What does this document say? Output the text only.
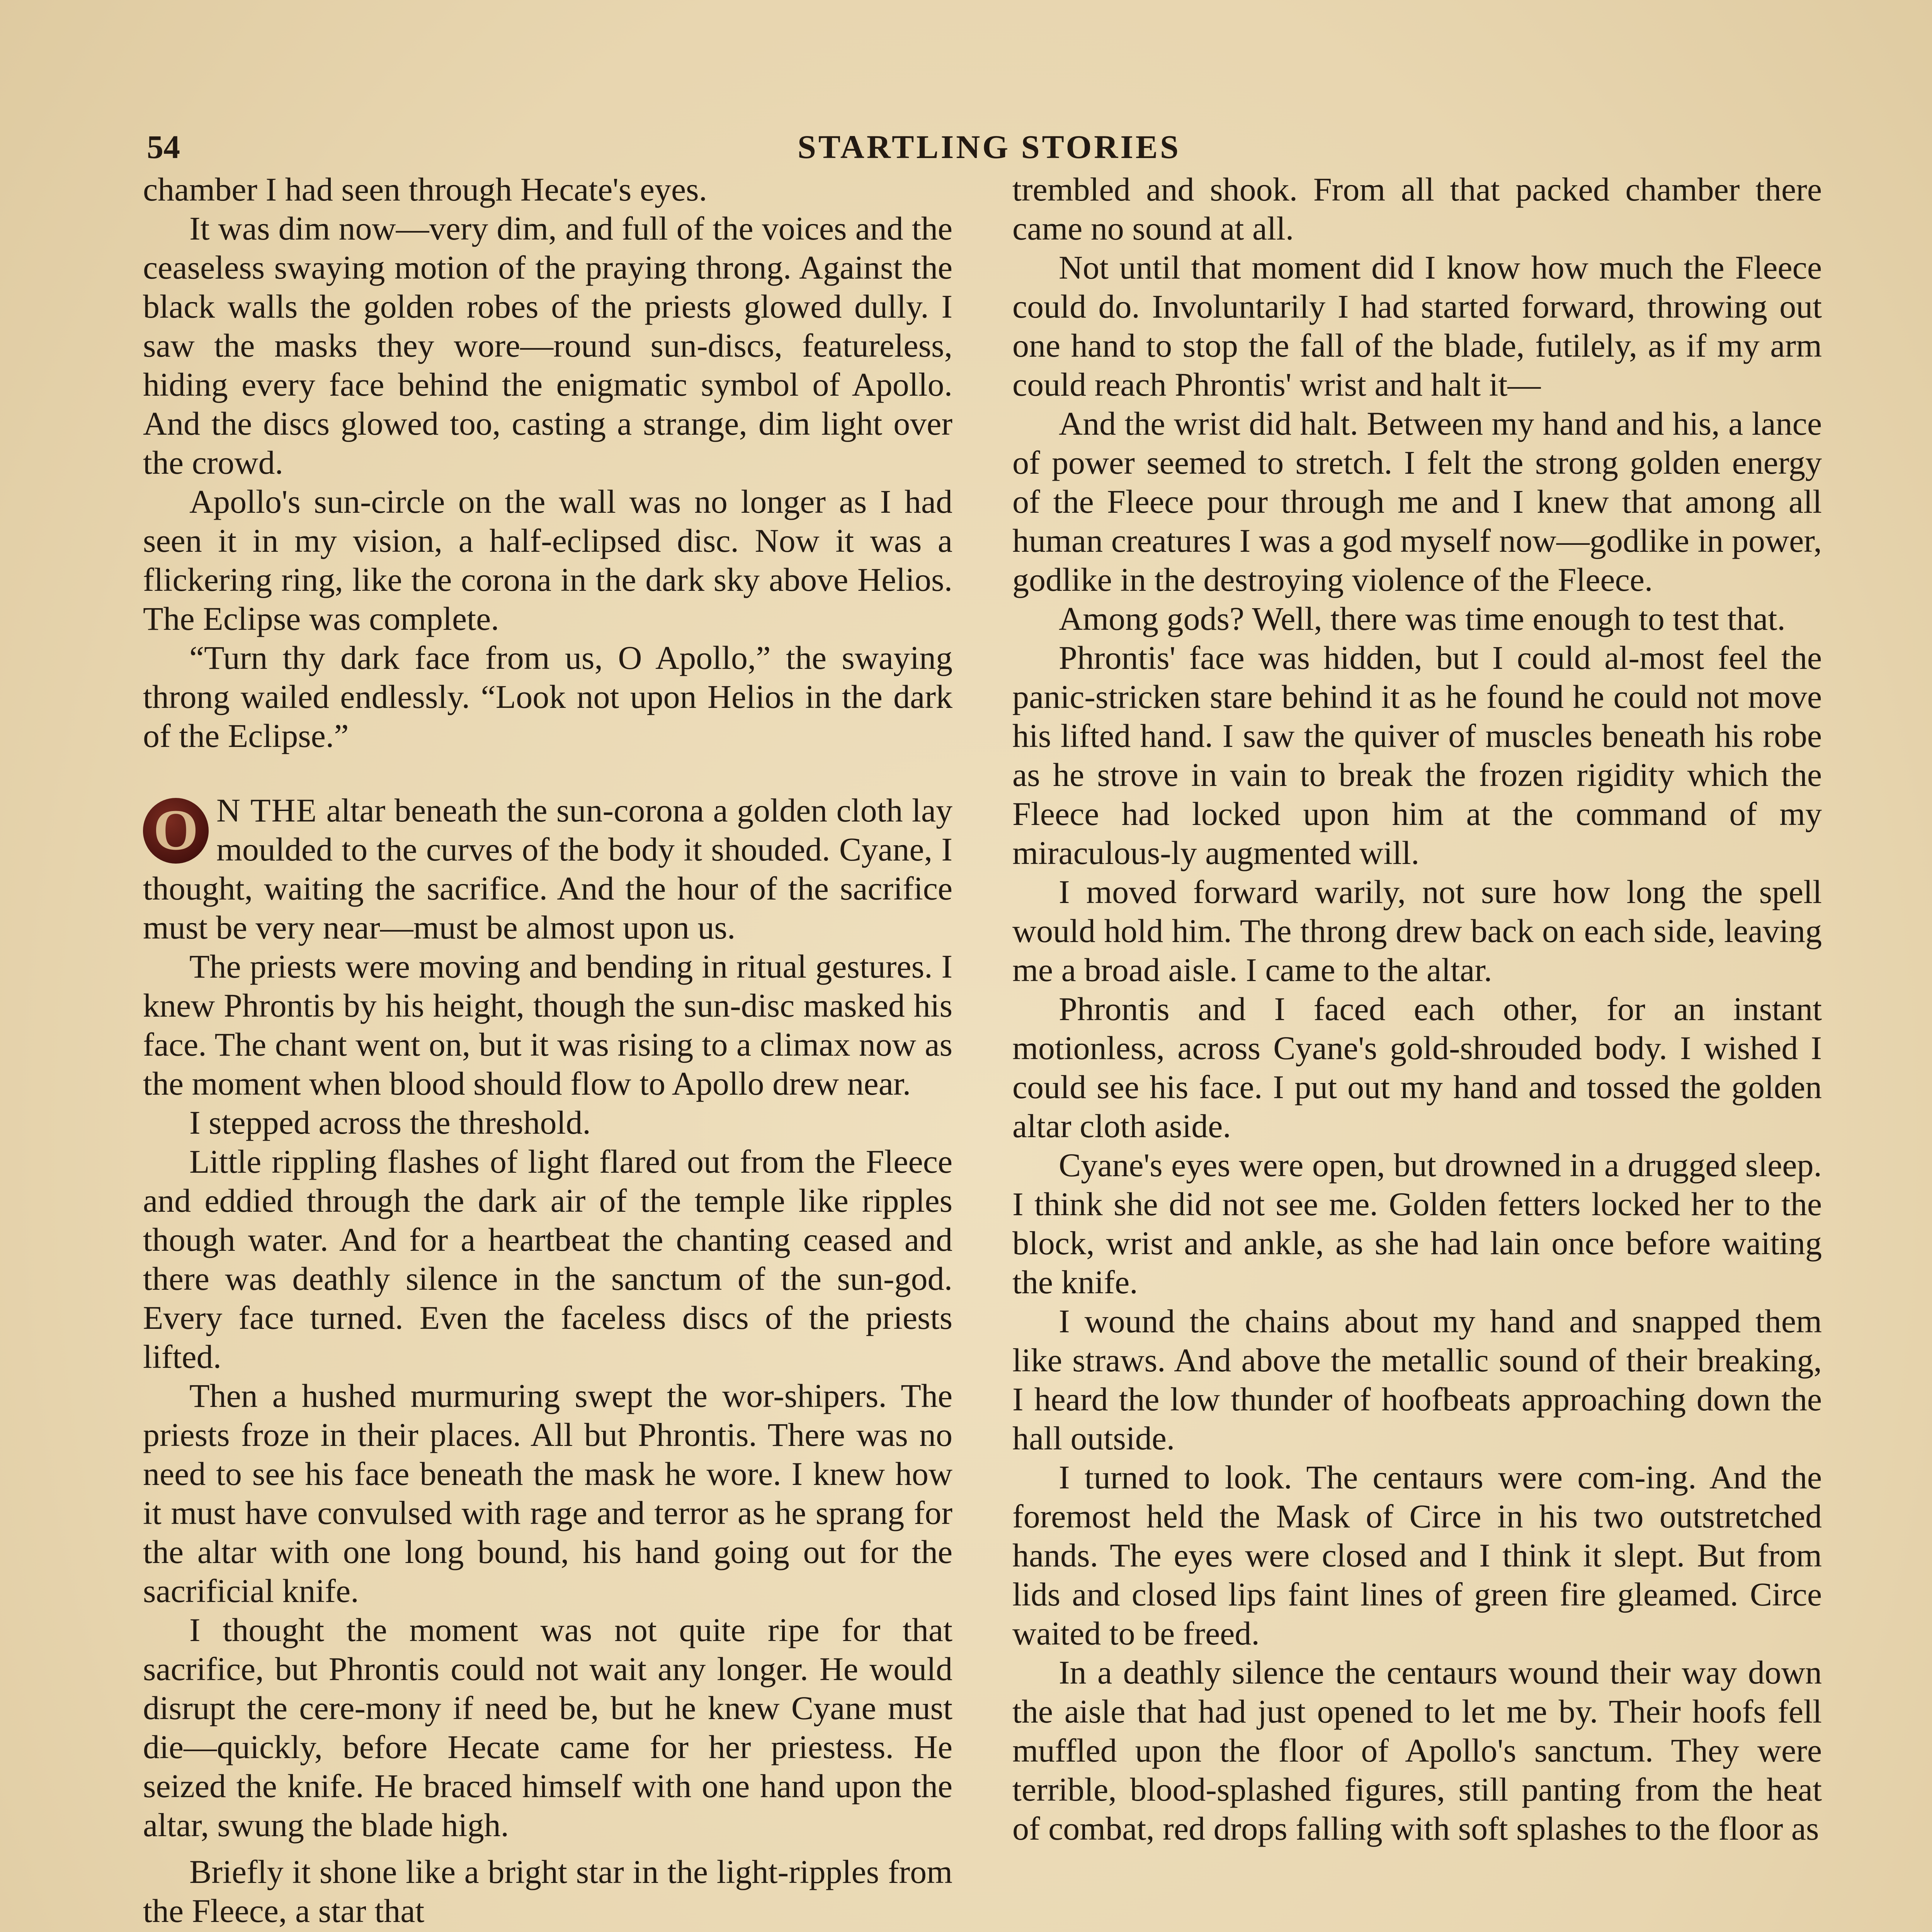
54	STARTLING STORIES

chamber I had seen through Hecate's eyes.

It was dim now—very dim, and full of the voices and the ceaseless swaying motion of the praying throng. Against the black walls the golden robes of the priests glowed dully. I saw the masks they wore—round sun-discs, featureless, hiding every face behind the enigmatic symbol of Apollo. And the discs glowed too, casting a strange, dim light over the crowd.

Apollo's sun-circle on the wall was no longer as I had seen it in my vision, a half-eclipsed disc. Now it was a flickering ring, like the corona in the dark sky above Helios. The Eclipse was complete.

“Turn thy dark face from us, O Apollo,” the swaying throng wailed endlessly. “Look not upon Helios in the dark of the Eclipse.”

O N THE altar beneath the sun-corona a golden cloth lay moulded to the curves of the body it shouded. Cyane, I thought, waiting the sacrifice. And the hour of the sacrifice must be very near—must be almost upon us.

The priests were moving and bending in ritual gestures. I knew Phrontis by his height, though the sun-disc masked his face. The chant went on, but it was rising to a climax now as the moment when blood should flow to Apollo drew near.

I stepped across the threshold.

Little rippling flashes of light flared out from the Fleece and eddied through the dark air of the temple like ripples though water. And for a heartbeat the chanting ceased and there was deathly silence in the sanctum of the sun-god. Every face turned. Even the faceless discs of the priests lifted.

Then a hushed murmuring swept the wor-shipers. The priests froze in their places. All but Phrontis. There was no need to see his face beneath the mask he wore. I knew how it must have convulsed with rage and terror as he sprang for the altar with one long bound, his hand going out for the sacrificial knife.

I thought the moment was not quite ripe for that sacrifice, but Phrontis could not wait any longer. He would disrupt the cere-mony if need be, but he knew Cyane must die—quickly, before Hecate came for her priestess. He seized the knife. He braced himself with one hand upon the altar, swung the blade high.

Briefly it shone like a bright star in the light-ripples from the Fleece, a star that

trembled and shook. From all that packed chamber there came no sound at all.

Not until that moment did I know how much the Fleece could do. Involuntarily I had started forward, throwing out one hand to stop the fall of the blade, futilely, as if my arm could reach Phrontis' wrist and halt it—

And the wrist did halt. Between my hand and his, a lance of power seemed to stretch. I felt the strong golden energy of the Fleece pour through me and I knew that among all human creatures I was a god myself now—godlike in power, godlike in the destroying violence of the Fleece.

Among gods? Well, there was time enough to test that.

Phrontis' face was hidden, but I could al-most feel the panic-stricken stare behind it as he found he could not move his lifted hand. I saw the quiver of muscles beneath his robe as he strove in vain to break the frozen rigidity which the Fleece had locked upon him at the command of my miraculous-ly augmented will.

I moved forward warily, not sure how long the spell would hold him. The throng drew back on each side, leaving me a broad aisle. I came to the altar.

Phrontis and I faced each other, for an instant motionless, across Cyane's gold-shrouded body. I wished I could see his face. I put out my hand and tossed the golden altar cloth aside.

Cyane's eyes were open, but drowned in a drugged sleep. I think she did not see me. Golden fetters locked her to the block, wrist and ankle, as she had lain once before waiting the knife.

I wound the chains about my hand and snapped them like straws. And above the metallic sound of their breaking, I heard the low thunder of hoofbeats approaching down the hall outside.

I turned to look. The centaurs were com-ing. And the foremost held the Mask of Circe in his two outstretched hands. The eyes were closed and I think it slept. But from lids and closed lips faint lines of green fire gleamed. Circe waited to be freed.

In a deathly silence the centaurs wound their way down the aisle that had just opened to let me by. Their hoofs fell muffled upon the floor of Apollo's sanctum. They were terrible, blood-splashed figures, still panting from the heat of combat, red drops falling with soft splashes to the floor as
